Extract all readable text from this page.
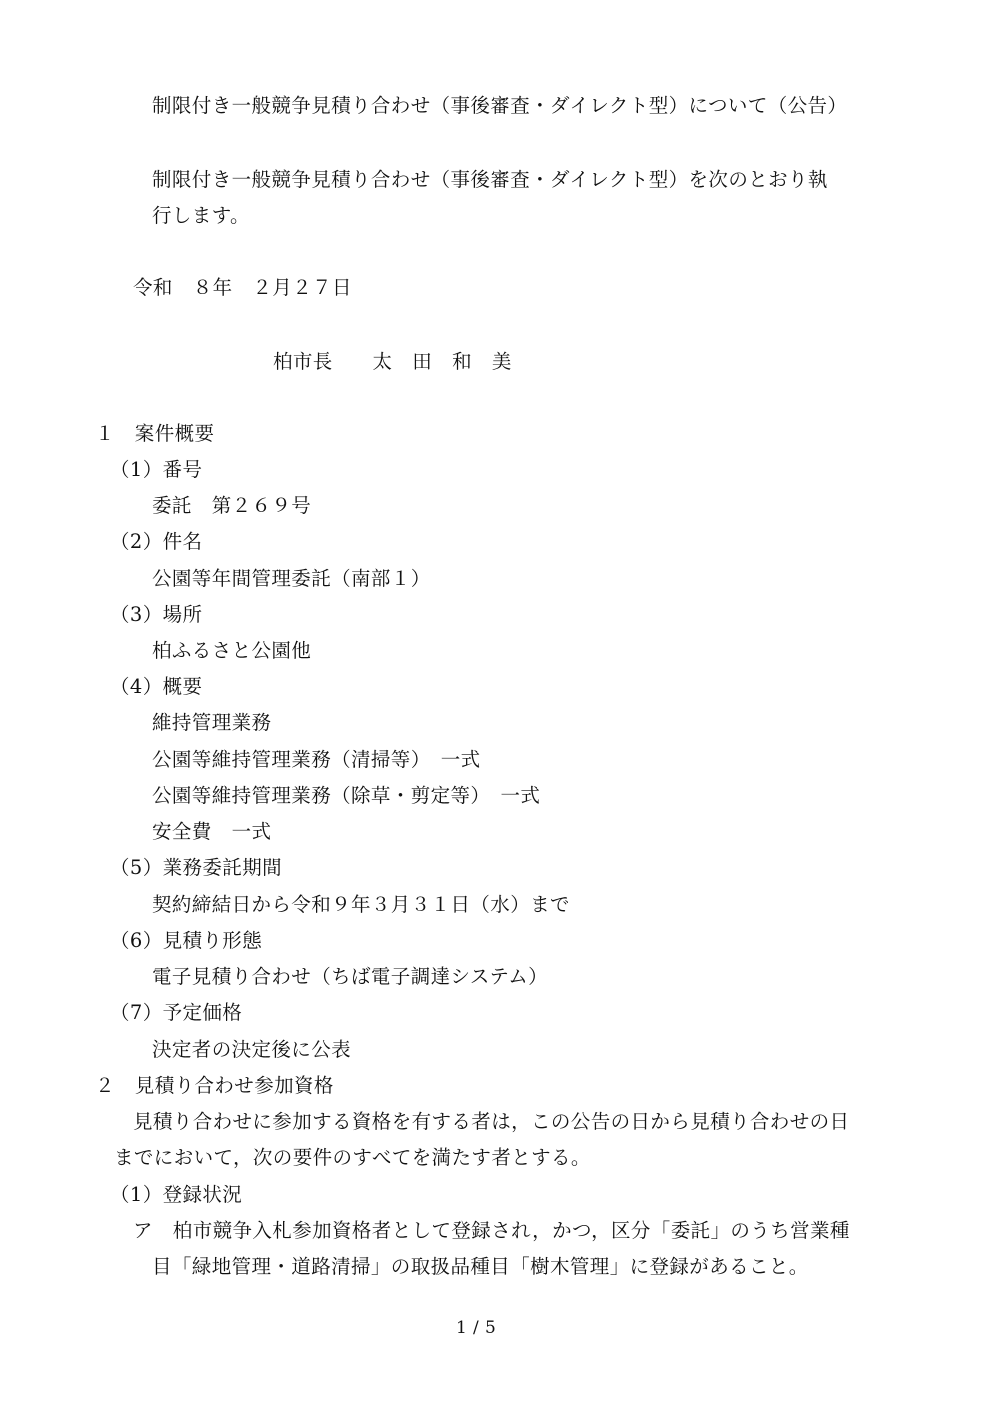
制限付き一般競争見積り合わせ（事後審査・ダイレクト型）について（公告）
制限付き一般競争見積り合わせ（事後審査・ダイレクト型）を次のとおり執
行します。
令和　８年　２月２７日
柏市長　　太　田　和　美
１　案件概要
（1）番号
委託　第２６９号
（2）件名
公園等年間管理委託（南部１）
（3）場所
柏ふるさと公園他
（4）概要
維持管理業務
公園等維持管理業務（清掃等）　一式
公園等維持管理業務（除草・剪定等）　一式
安全費　一式
（5）業務委託期間
契約締結日から令和９年３月３１日（水）まで
（6）見積り形態
電子見積り合わせ（ちば電子調達システム）
（7）予定価格
決定者の決定後に公表
２　見積り合わせ参加資格
見積り合わせに参加する資格を有する者は，この公告の日から見積り合わせの日
までにおいて，次の要件のすべてを満たす者とする。
（1）登録状況
ア　柏市競争入札参加資格者として登録され，かつ，区分「委託」のうち営業種
目「緑地管理・道路清掃」の取扱品種目「樹木管理」に登録があること。
1 / 5
